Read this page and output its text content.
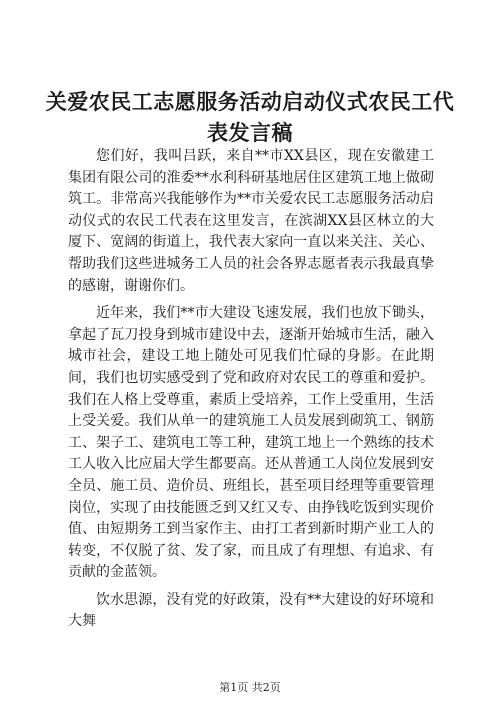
关爱农民工志愿服务活动启动仪式农民工代表发言稿

您们好，我叫吕跃，来自**市XX县区，现在安徽建工集团有限公司的淮委**水利科研基地居住区建筑工地上做砌筑工。非常高兴我能够作为**市关爱农民工志愿服务活动启动仪式的农民工代表在这里发言，在滨湖XX县区林立的大厦下、宽阔的街道上，我代表大家向一直以来关注、关心、帮助我们这些进城务工人员的社会各界志愿者表示我最真挚的感谢，谢谢你们。

近年来，我们**市大建设飞速发展，我们也放下锄头，拿起了瓦刀投身到城市建设中去，逐渐开始城市生活，融入城市社会，建设工地上随处可见我们忙碌的身影。在此期间，我们也切实感受到了党和政府对农民工的尊重和爱护。我们在人格上受尊重，素质上受培养，工作上受重用，生活上受关爱。我们从单一的建筑施工人员发展到砌筑工、钢筋工、架子工、建筑电工等工种，建筑工地上一个熟练的技术工人收入比应届大学生都要高。还从普通工人岗位发展到安全员、施工员、造价员、班组长，甚至项目经理等重要管理岗位，实现了由技能匮乏到又红又专、由挣钱吃饭到实现价值、由短期务工到当家作主、由打工者到新时期产业工人的转变，不仅脱了贫、发了家，而且成了有理想、有追求、有贡献的金蓝领。

饮水思源，没有党的好政策，没有**大建设的好环境和大舞

第1页 共2页
